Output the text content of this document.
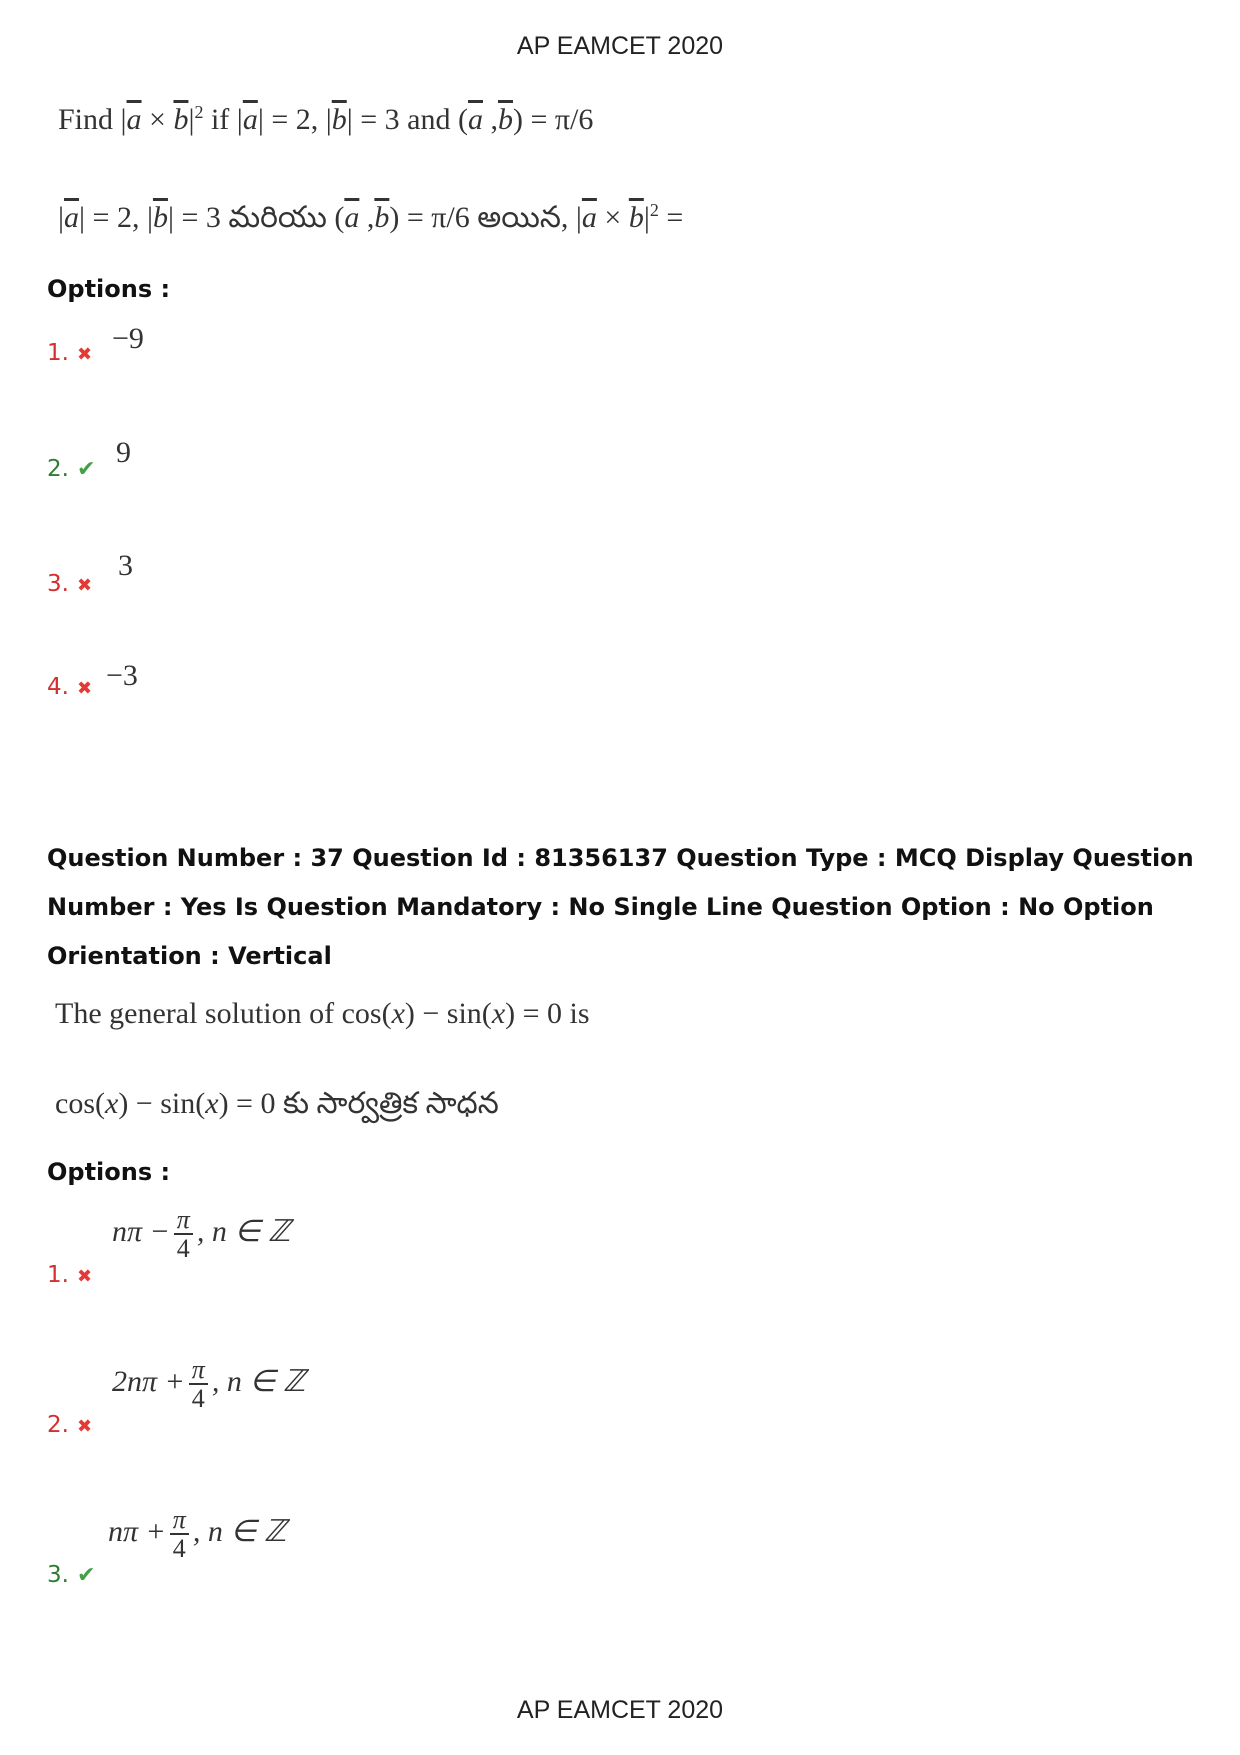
AP EAMCET 2020
Find $|\overline{a} \times \overline{b}|^2$ if $|\overline{a}| = 2$, $|\overline{b}| = 3$ and ($\overline{a}$ $,\overline{b}) = \pi/6$
$|\overline{a}| = 2$, $|\overline{b}| = 3$ మరియు ($\overline{a}$ $,\overline{b}) = \pi/6$ అయిన, $|\overline{a} \times \overline{b}|^2$ =
Options :
1. ✖ −9
2. ✔
9
3. ✖
3
4. ✖ −3
Question Number : 37 Question Id : 81356137 Question Type : MCQ Display Question Number : Yes Is Question Mandatory : No Single Line Question Option : No Option Orientation : Vertical
The general solution of cos(x) − sin(x) = 0 is
cos(x) − sin(x) = 0 కు సార్వత్రిక సాధన
Options :
1. ✖
$n\pi - \frac{\pi}{4}$ , n ∈ ℤ
2. ✖
$2n\pi + \frac{\pi}{4}$ , n ∈ ℤ
3. ✔
$n\pi + \frac{\pi}{4}$ , n ∈ ℤ
AP EAMCET 2020
